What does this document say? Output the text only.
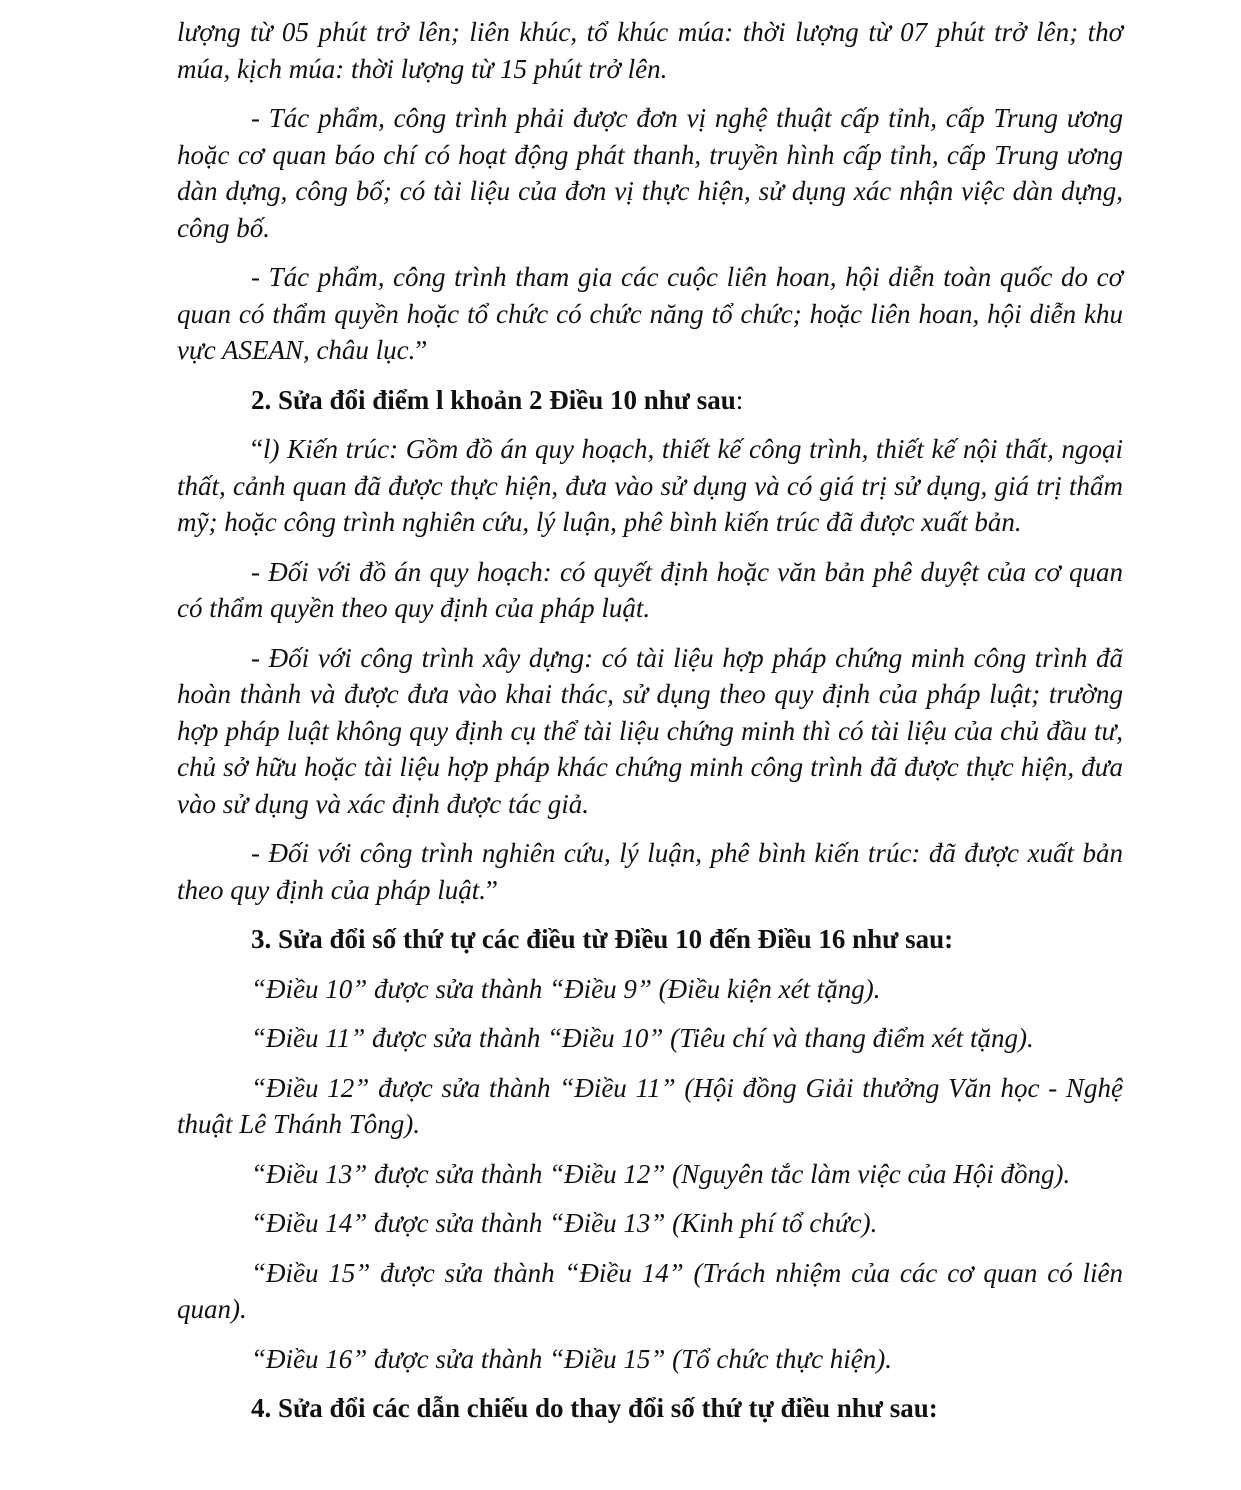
lượng từ 05 phút trở lên; liên khúc, tổ khúc múa: thời lượng từ 07 phút trở lên; thơ múa, kịch múa: thời lượng từ 15 phút trở lên.

- Tác phẩm, công trình phải được đơn vị nghệ thuật cấp tỉnh, cấp Trung ương hoặc cơ quan báo chí có hoạt động phát thanh, truyền hình cấp tỉnh, cấp Trung ương dàn dựng, công bố; có tài liệu của đơn vị thực hiện, sử dụng xác nhận việc dàn dựng, công bố.

- Tác phẩm, công trình tham gia các cuộc liên hoan, hội diễn toàn quốc do cơ quan có thẩm quyền hoặc tổ chức có chức năng tổ chức; hoặc liên hoan, hội diễn khu vực ASEAN, châu lục.”

2. Sửa đổi điểm l khoản 2 Điều 10 như sau:

“l) Kiến trúc: Gồm đồ án quy hoạch, thiết kế công trình, thiết kế nội thất, ngoại thất, cảnh quan đã được thực hiện, đưa vào sử dụng và có giá trị sử dụng, giá trị thẩm mỹ; hoặc công trình nghiên cứu, lý luận, phê bình kiến trúc đã được xuất bản.

- Đối với đồ án quy hoạch: có quyết định hoặc văn bản phê duyệt của cơ quan có thẩm quyền theo quy định của pháp luật.

- Đối với công trình xây dựng: có tài liệu hợp pháp chứng minh công trình đã hoàn thành và được đưa vào khai thác, sử dụng theo quy định của pháp luật; trường hợp pháp luật không quy định cụ thể tài liệu chứng minh thì có tài liệu của chủ đầu tư, chủ sở hữu hoặc tài liệu hợp pháp khác chứng minh công trình đã được thực hiện, đưa vào sử dụng và xác định được tác giả.

- Đối với công trình nghiên cứu, lý luận, phê bình kiến trúc: đã được xuất bản theo quy định của pháp luật.”

3. Sửa đổi số thứ tự các điều từ Điều 10 đến Điều 16 như sau:

“Điều 10” được sửa thành “Điều 9” (Điều kiện xét tặng).

“Điều 11” được sửa thành “Điều 10” (Tiêu chí và thang điểm xét tặng).

“Điều 12” được sửa thành “Điều 11” (Hội đồng Giải thưởng Văn học - Nghệ thuật Lê Thánh Tông).

“Điều 13” được sửa thành “Điều 12” (Nguyên tắc làm việc của Hội đồng).

“Điều 14” được sửa thành “Điều 13” (Kinh phí tổ chức).

“Điều 15” được sửa thành “Điều 14” (Trách nhiệm của các cơ quan có liên quan).

“Điều 16” được sửa thành “Điều 15” (Tổ chức thực hiện).

4. Sửa đổi các dẫn chiếu do thay đổi số thứ tự điều như sau:
